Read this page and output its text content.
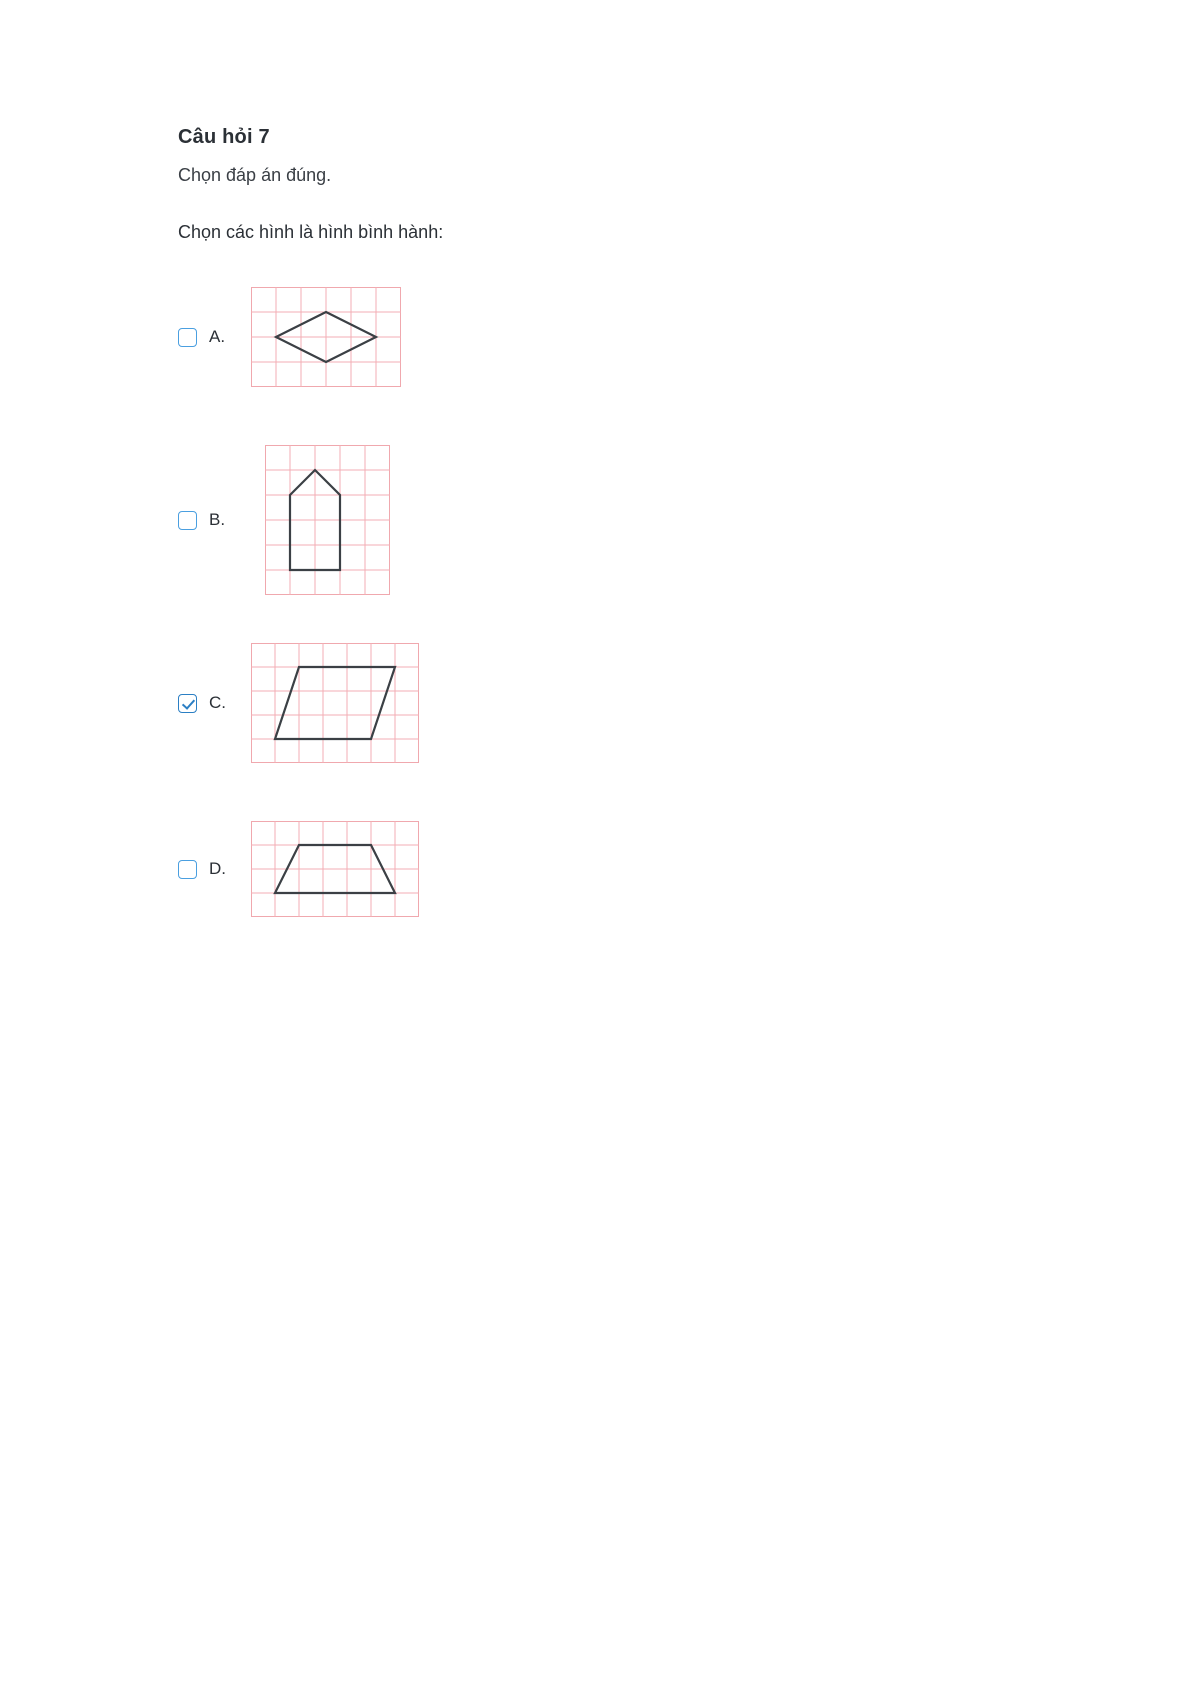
Câu hỏi 7
Chọn đáp án đúng.
Chọn các hình là hình bình hành:
A.
B.
C.
D.
